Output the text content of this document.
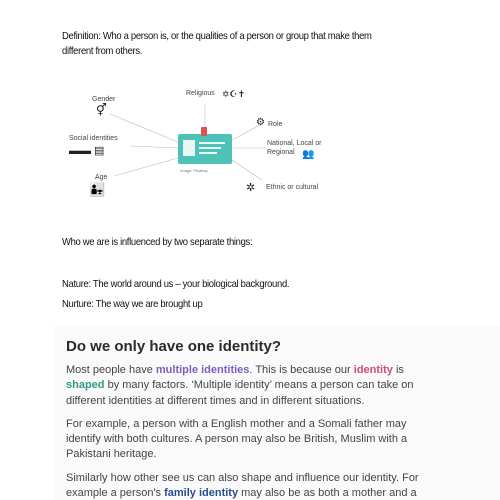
Definition: Who a person is, or the qualities of a person or group that make them
different from others.
Image: Pixabay
Gender
⚥
Religious ✡☪✝
⚙ Role
National, Local or
Regional 👥
Social identities
▬▬ ▤
Age
👨‍👧	✲ Ethnic or cultural
Who we are is influenced by two separate things:
Nature: The world around us – your biological background.
Nurture: The way we are brought up
Do we only have one identity?
Most people have multiple identities. This is because our identity is
shaped by many factors. ‘Multiple identity’ means a person can take on
different identities at different times and in different situations.
For example, a person with a English mother and a Somali father may
identify with both cultures. A person may also be British, Muslim with a
Pakistani heritage.
Similarly how other see us can also shape and influence our identity. For
example a person's family identity may also be as both a mother and a
